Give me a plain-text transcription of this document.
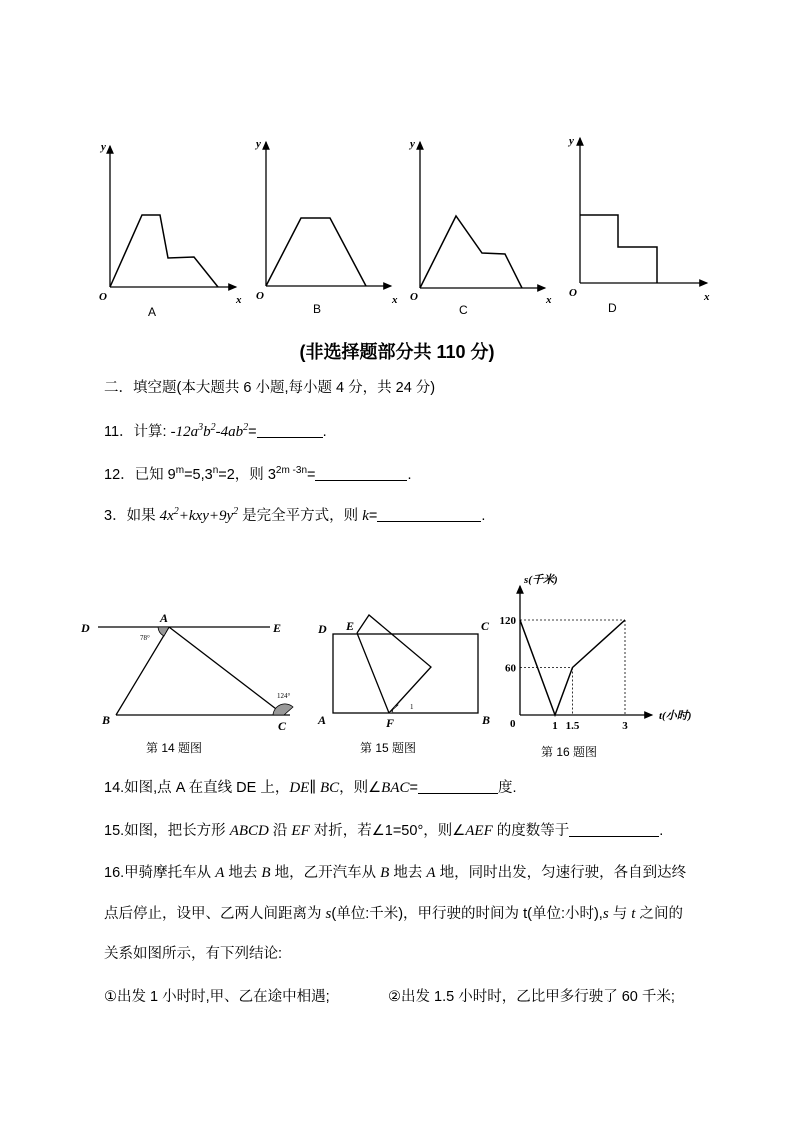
y
O	x
A
y
O	x
B
y
O	x
C
y
O	x
D
(非选择题部分共 110 分)
二．填空题(本大题共 6 小题,每小题 4 分，共 24 分)
11．计算: $-12a^3b^2-4ab^2=$	.
12．已知 $9^m=5,3^n=2$，则 $3^{2m -3n}=$	.
3．如果 $4x^2+kxy+9y^2$ 是完全平方式，则 k=	.
D
A
E
B	C
78°
124°
第 14 题图
D E	C
A	F	B
1
第 15 题图
1 1.5	3
60
120
s(千米)
t(小时)
0
第 16 题图
14.如图,点 A 在直线 DE 上，DE∥ BC，则∠BAC=	度.
15.如图，把长方形 ABCD 沿 EF 对折，若∠1=50°，则∠AEF 的度数等于	.
16.甲骑摩托车从 A 地去 B 地，乙开汽车从 B 地去 A 地，同时出发，匀速行驶，各自到达终
点后停止，设甲、乙两人间距离为 s(单位:千米)，甲行驶的时间为 t(单位:小时),s 与 t 之间的
关系如图所示，有下列结论:
①出发 1 小时时,甲、乙在途中相遇;	②出发 1.5 小时时，乙比甲多行驶了 60 千米;
